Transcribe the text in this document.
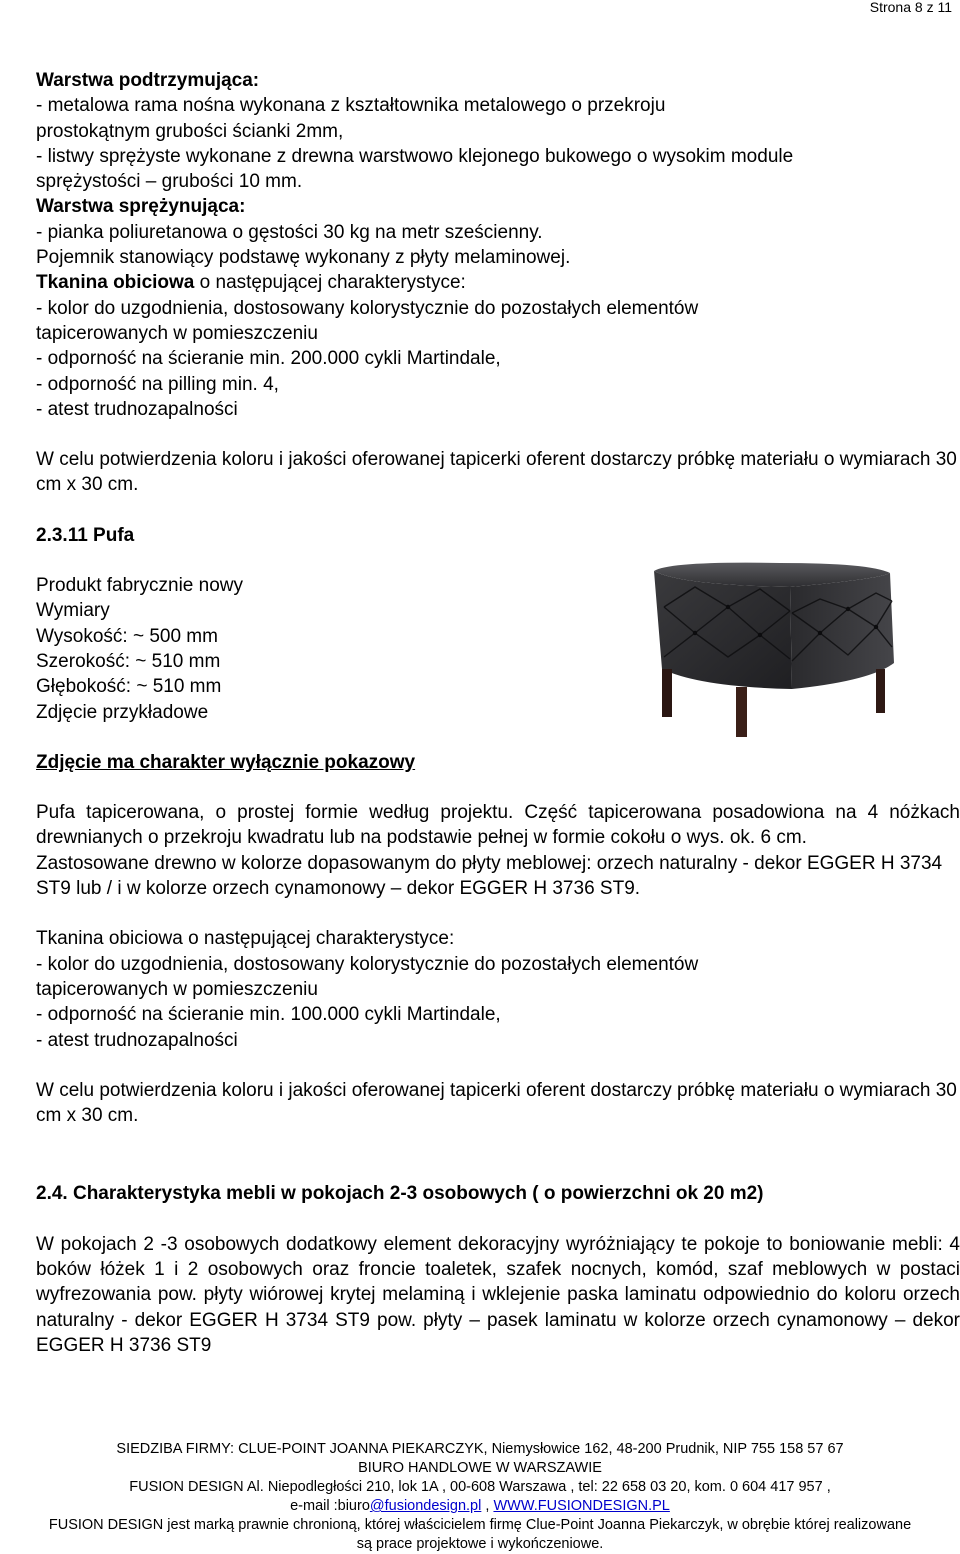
Strona 8 z 11

Warstwa podtrzymująca:

- metalowa rama nośna wykonana z kształtownika metalowego o przekroju

prostokątnym grubości ścianki 2mm,

- listwy sprężyste wykonane z drewna warstwowo klejonego bukowego o wysokim module

sprężystości – grubości 10 mm.

Warstwa sprężynująca:

- pianka poliuretanowa o gęstości 30 kg na metr sześcienny.

Pojemnik stanowiący podstawę wykonany z płyty melaminowej.

Tkanina obiciowa o następującej charakterystyce:

- kolor do uzgodnienia, dostosowany kolorystycznie do pozostałych elementów

tapicerowanych w pomieszczeniu

- odporność na ścieranie min. 200.000 cykli Martindale,

- odporność na pilling min. 4,

- atest trudnozapalności

W celu potwierdzenia koloru i jakości oferowanej tapicerki oferent dostarczy próbkę materiału o wymiarach 30 cm x 30 cm.

2.3.11 Pufa

Produkt fabrycznie nowy

Wymiary

Wysokość: ~ 500 mm

Szerokość: ~ 510 mm

Głębokość: ~ 510 mm

Zdjęcie przykładowe

Zdjęcie ma charakter wyłącznie pokazowy

Pufa tapicerowana, o prostej formie według projektu. Część tapicerowana posadowiona na 4 nóżkach drewnianych o przekroju kwadratu lub na podstawie pełnej w formie cokołu o wys. ok. 6 cm.

Zastosowane drewno w kolorze dopasowanym do płyty meblowej: orzech naturalny - dekor EGGER H 3734 ST9 lub / i w kolorze orzech cynamonowy – dekor EGGER H 3736 ST9.

Tkanina obiciowa o następującej charakterystyce:

- kolor do uzgodnienia, dostosowany kolorystycznie do pozostałych elementów

tapicerowanych w pomieszczeniu

- odporność na ścieranie min. 100.000 cykli Martindale,

- atest trudnozapalności

W celu potwierdzenia koloru i jakości oferowanej tapicerki oferent dostarczy próbkę materiału o wymiarach 30 cm x 30 cm.

2.4. Charakterystyka mebli w pokojach 2-3 osobowych ( o powierzchni ok 20 m2)

W pokojach 2 -3 osobowych dodatkowy element dekoracyjny wyróżniający te pokoje to boniowanie mebli: 4 boków łóżek 1 i 2 osobowych oraz froncie toaletek, szafek nocnych, komód, szaf meblowych w postaci wyfrezowania pow. płyty wiórowej krytej melaminą i wklejenie paska laminatu odpowiednio do koloru orzech naturalny - dekor EGGER H 3734 ST9 pow. płyty – pasek laminatu w kolorze orzech cynamonowy – dekor EGGER H 3736 ST9

SIEDZIBA FIRMY: CLUE-POINT JOANNA PIEKARCZYK, Niemysłowice 162, 48-200 Prudnik, NIP 755 158 57 67

BIURO HANDLOWE W WARSZAWIE

FUSION DESIGN Al. Niepodległości 210, lok 1A , 00-608 Warszawa , tel: 22 658 03 20, kom. 0 604 417 957 ,

e-mail :biuro@fusiondesign.pl , WWW.FUSIONDESIGN.PL

FUSION DESIGN jest marką prawnie chronioną, której właścicielem firmę Clue-Point Joanna Piekarczyk, w obrębie której realizowane

są prace projektowe i wykończeniowe.
